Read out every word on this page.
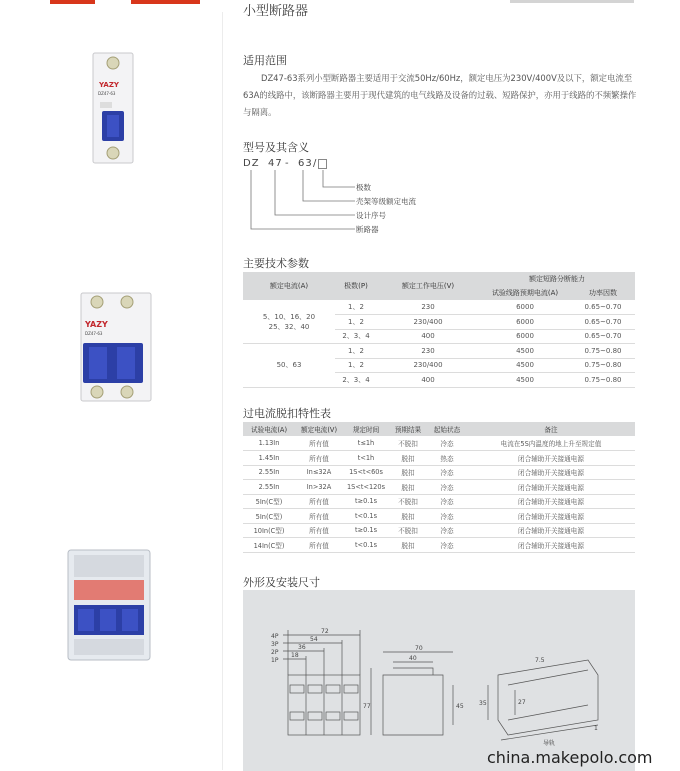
小型断路器
YAZY
DZ47-63
YAZY
DZ47-63
适用范围
DZ47-63系列小型断路器主要适用于交流50Hz/60Hz，额定电压为230V/400V及以下，额定电流至63A的线路中，该断路器主要用于现代建筑的电气线路及设备的过载、短路保护，亦用于线路的不频繁操作与隔离。
型号及其含义
DZ 47 - 63 /
极数
壳架等级额定电流
设计序号
断路器
主要技术参数
额定电流(A)	极数(P)	额定工作电压(V)	额定短路分断能力	
			试验线路预期电流(A)	功率因数
5、10、16、20
25、32、40	1、2	230	6000	0.65~0.70
	1、2	230/400	6000	0.65~0.70
	2、3、4	400	6000	0.65~0.70
50、63	1、2	230	4500	0.75~0.80
	1、2	230/400	4500	0.75~0.80
	2、3、4	400	4500	0.75~0.80
过电流脱扣特性表
试验电流(A)	额定电流(V)	规定时间	预期结果	起始状态	备注
1.13In	所有值	t≤1h	不脱扣	冷态	电流在5S内温度的地上升至规定值
1.45In	所有值	t<1h	脱扣	热态	闭合辅助开关接通电源
2.55In	In≤32A	1S<t<60s	脱扣	冷态	闭合辅助开关接通电源
2.55In	In>32A	1S<t<120s	脱扣	冷态	闭合辅助开关接通电源
5In(C型)	所有值	t≥0.1s	不脱扣	冷态	闭合辅助开关接通电源
5In(C型)	所有值	t<0.1s	脱扣	冷态	闭合辅助开关接通电源
10In(C型)	所有值	t≥0.1s	不脱扣	冷态	闭合辅助开关接通电源
14In(C型)	所有值	t<0.1s	脱扣	冷态	闭合辅助开关接通电源
外形及安装尺寸
4P
3P
2P
1P
72
54
36
18
70
40
77	45
7.5
35	27
1
导轨
china.makepolo.com
